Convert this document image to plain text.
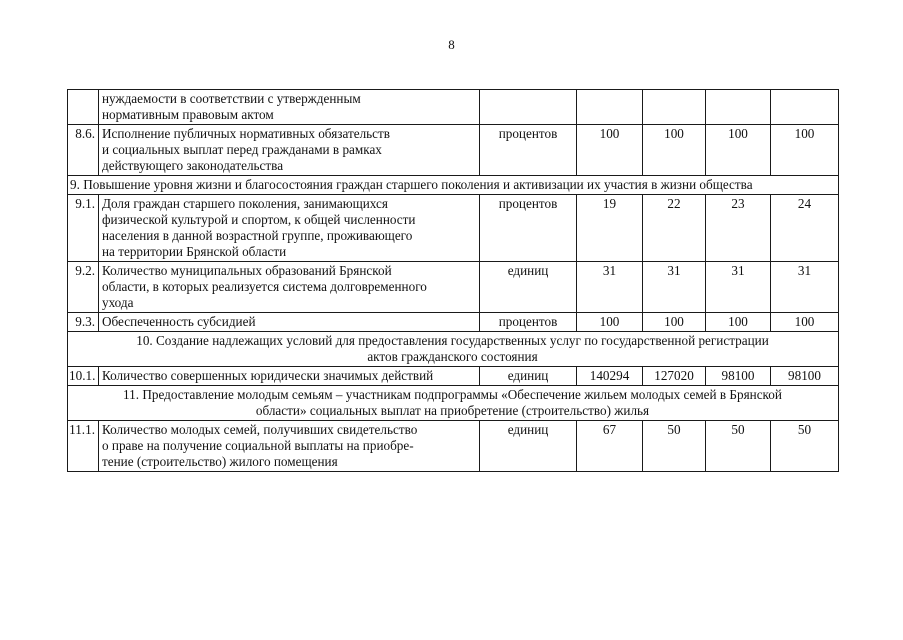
8

	нуждаемости в соответствии с утвержденным
нормативным правовым актом					

8.6.	Исполнение публичных нормативных обязательств
и социальных выплат перед гражданами в рамках
действующего законодательства	процентов	100	100	100	100

9. Повышение уровня жизни и благосостояния граждан старшего поколения и активизации их участия в жизни общества						

9.1.	Доля граждан старшего поколения, занимающихся
физической культурой и спортом, к общей численности
населения в данной возрастной группе, проживающего
на территории Брянской области	процентов	19	22	23	24
9.2.	Количество муниципальных образований Брянской
области, в которых реализуется система долговременного
ухода	единиц	31	31	31	31
9.3.	Обеспеченность субсидией	процентов	100	100	100	100

10. Создание надлежащих условий для предоставления государственных услуг по государственной регистрации
актов гражданского состояния						

10.1.	Количество совершенных юридически значимых действий	единиц	140294	127020	98100	98100

11. Предоставление молодым семьям – участникам подпрограммы «Обеспечение жильем молодых семей в Брянской
области» социальных выплат на приобретение (строительство) жилья						

11.1.	Количество молодых семей, получивших свидетельство
о праве на получение социальной выплаты на приобре-
тение (строительство) жилого помещения	единиц	67	50	50	50
